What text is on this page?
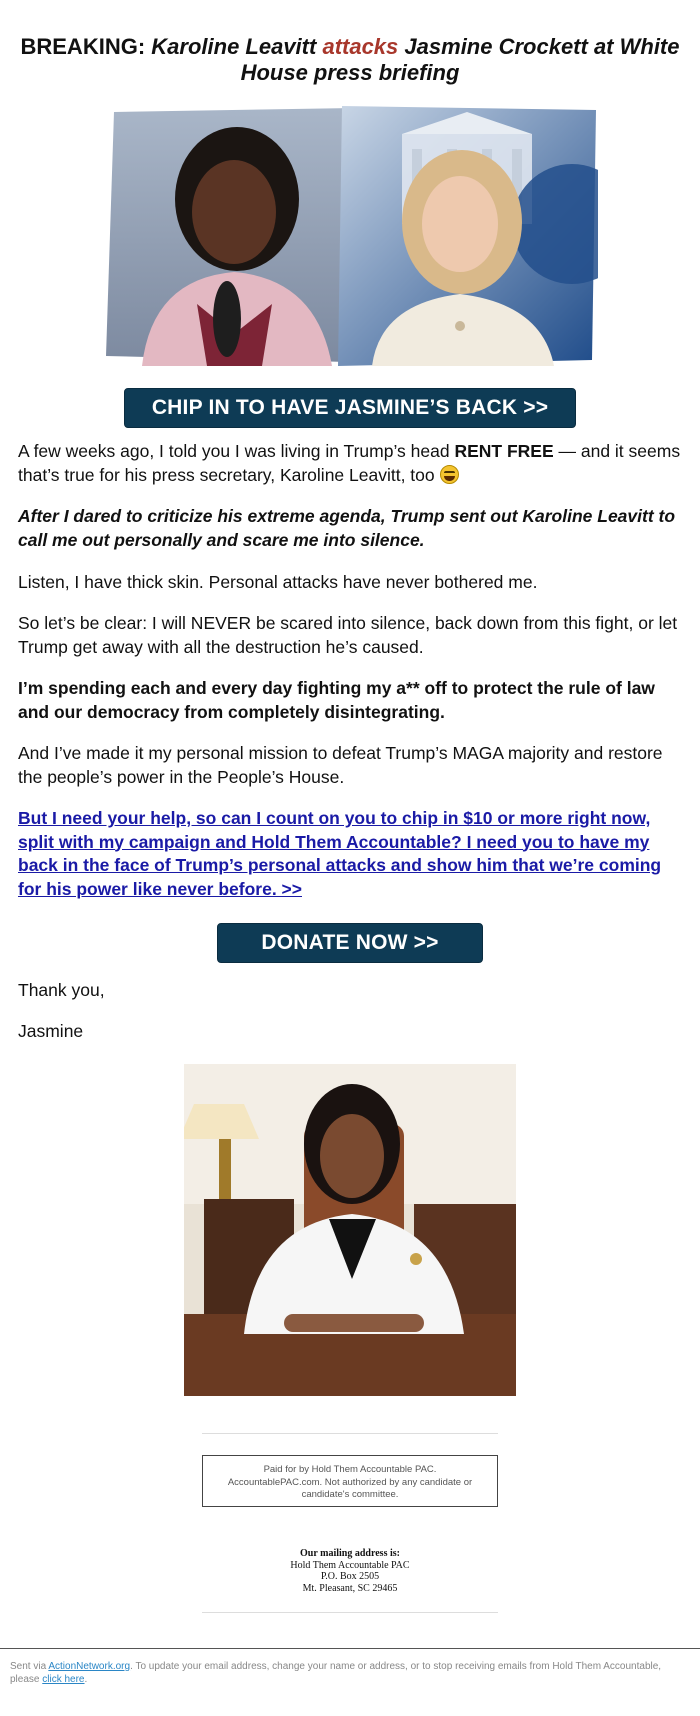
BREAKING: Karoline Leavitt attacks Jasmine Crockett at White House press briefing
CHIP IN TO HAVE JASMINE’S BACK >>
A few weeks ago, I told you I was living in Trump’s head RENT FREE — and it seems that’s true for his press secretary, Karoline Leavitt, too
After I dared to criticize his extreme agenda, Trump sent out Karoline Leavitt to call me out personally and scare me into silence.
Listen, I have thick skin. Personal attacks have never bothered me.
So let’s be clear: I will NEVER be scared into silence, back down from this fight, or let Trump get away with all the destruction he’s caused.
I’m spending each and every day fighting my a** off to protect the rule of law and our democracy from completely disintegrating.
And I’ve made it my personal mission to defeat Trump’s MAGA majority and restore the people’s power in the People’s House.
But I need your help, so can I count on you to chip in $10 or more right now, split with my campaign and Hold Them Accountable? I need you to have my back in the face of Trump’s personal attacks and show him that we’re coming for his power like never before. >>
DONATE NOW >>
Thank you,
Jasmine
Paid for by Hold Them Accountable PAC. AccountablePAC.com. Not authorized by any candidate or candidate's committee.
Our mailing address is:
Hold Them Accountable PAC
P.O. Box 2505
Mt. Pleasant, SC 29465
Sent via ActionNetwork.org. To update your email address, change your name or address, or to stop receiving emails from Hold Them Accountable, please click here.
